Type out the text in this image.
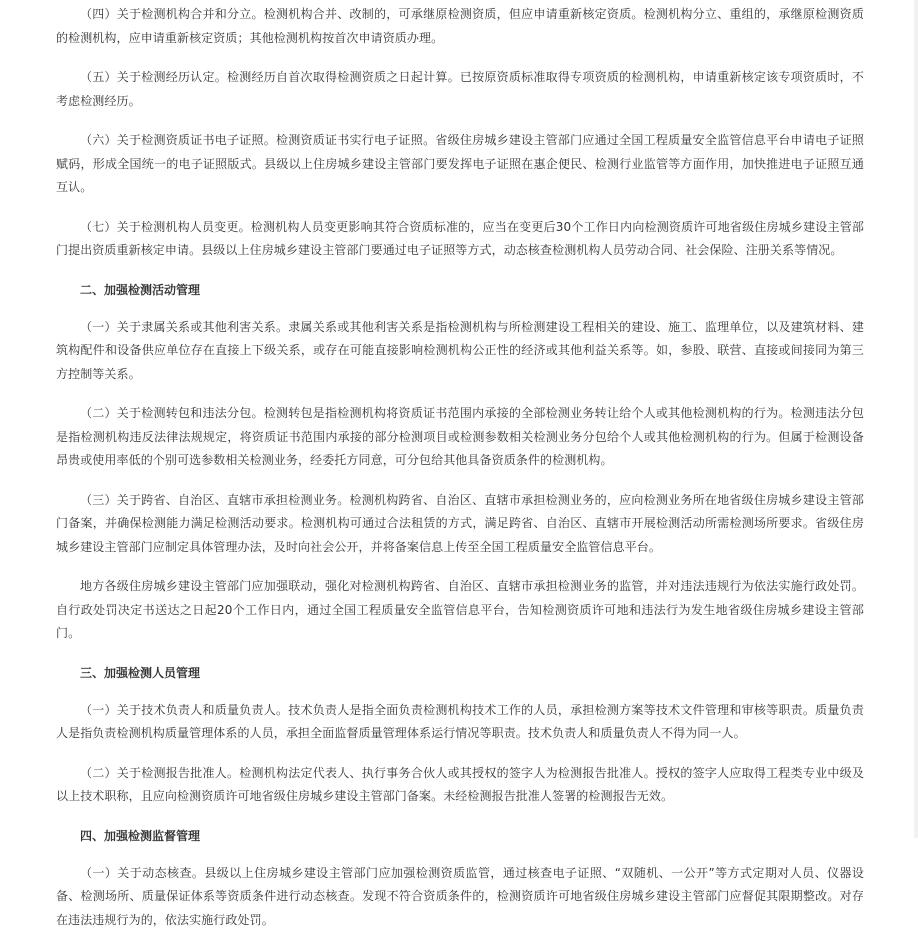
（四）关于检测机构合并和分立。检测机构合并、改制的，可承继原检测资质，但应申请重新核定资质。检测机构分立、重组的，承继原检测资质的检测机构，应申请重新核定资质；其他检测机构按首次申请资质办理。

（五）关于检测经历认定。检测经历自首次取得检测资质之日起计算。已按原资质标准取得专项资质的检测机构，申请重新核定该专项资质时，不考虑检测经历。

（六）关于检测资质证书电子证照。检测资质证书实行电子证照。省级住房城乡建设主管部门应通过全国工程质量安全监管信息平台申请电子证照赋码，形成全国统一的电子证照版式。县级以上住房城乡建设主管部门要发挥电子证照在惠企便民、检测行业监管等方面作用，加快推进电子证照互通互认。

（七）关于检测机构人员变更。检测机构人员变更影响其符合资质标准的，应当在变更后30个工作日内向检测资质许可地省级住房城乡建设主管部门提出资质重新核定申请。县级以上住房城乡建设主管部门要通过电子证照等方式，动态核查检测机构人员劳动合同、社会保险、注册关系等情况。

二、加强检测活动管理

（一）关于隶属关系或其他利害关系。隶属关系或其他利害关系是指检测机构与所检测建设工程相关的建设、施工、监理单位，以及建筑材料、建筑构配件和设备供应单位存在直接上下级关系，或存在可能直接影响检测机构公正性的经济或其他利益关系等。如，参股、联营、直接或间接同为第三方控制等关系。

（二）关于检测转包和违法分包。检测转包是指检测机构将资质证书范围内承接的全部检测业务转让给个人或其他检测机构的行为。检测违法分包是指检测机构违反法律法规规定，将资质证书范围内承接的部分检测项目或检测参数相关检测业务分包给个人或其他检测机构的行为。但属于检测设备昂贵或使用率低的个别可选参数相关检测业务，经委托方同意，可分包给其他具备资质条件的检测机构。

（三）关于跨省、自治区、直辖市承担检测业务。检测机构跨省、自治区、直辖市承担检测业务的，应向检测业务所在地省级住房城乡建设主管部门备案，并确保检测能力满足检测活动要求。检测机构可通过合法租赁的方式，满足跨省、自治区、直辖市开展检测活动所需检测场所要求。省级住房城乡建设主管部门应制定具体管理办法，及时向社会公开，并将备案信息上传至全国工程质量安全监管信息平台。

地方各级住房城乡建设主管部门应加强联动，强化对检测机构跨省、自治区、直辖市承担检测业务的监管，并对违法违规行为依法实施行政处罚。自行政处罚决定书送达之日起20个工作日内，通过全国工程质量安全监管信息平台，告知检测资质许可地和违法行为发生地省级住房城乡建设主管部门。

三、加强检测人员管理

（一）关于技术负责人和质量负责人。技术负责人是指全面负责检测机构技术工作的人员，承担检测方案等技术文件管理和审核等职责。质量负责人是指负责检测机构质量管理体系的人员，承担全面监督质量管理体系运行情况等职责。技术负责人和质量负责人不得为同一人。

（二）关于检测报告批准人。检测机构法定代表人、执行事务合伙人或其授权的签字人为检测报告批准人。授权的签字人应取得工程类专业中级及以上技术职称，且应向检测资质许可地省级住房城乡建设主管部门备案。未经检测报告批准人签署的检测报告无效。

四、加强检测监督管理

（一）关于动态核查。县级以上住房城乡建设主管部门应加强检测资质监管，通过核查电子证照、“双随机、一公开”等方式定期对人员、仪器设备、检测场所、质量保证体系等资质条件进行动态核查。发现不符合资质条件的，检测资质许可地省级住房城乡建设主管部门应督促其限期整改。对存在违法违规行为的，依法实施行政处罚。
